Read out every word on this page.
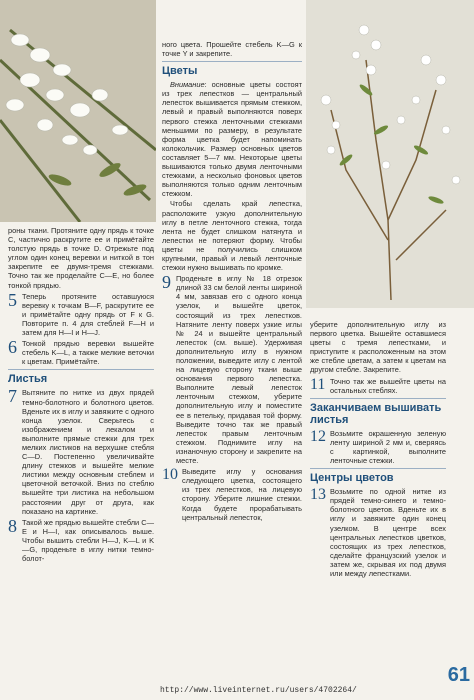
роны ткани. Протяните одну прядь к точке С, частично раскрутите ее и примётайте толстую прядь в точке D. Отрежьте под углом один конец веревки и ниткой в тон закрепите ее двумя-тремя стежками. Точно так же проделайте С—Е, но более тонкой прядью.

5 Теперь протяните оставшуюся веревку к точкам В—F, раскрутите ее и примётайте одну прядь от F к G. Повторите п. 4 для стеблей F—H и затем для H—I и H—J.

6 Тонкой прядью веревки вышейте стебель K—L, а также мелкие веточки к цветам. Примётайте.

Листья

7 Вытяните по нитке из двух прядей темно-болотного и болотного цветов. Вденьте их в иглу и завяжите с одного конца узелок. Сверьтесь с изображением и лекалом и выполните прямые стежки для трех мелких листиков на верхушке стебля C—D. Постепенно увеличивайте длину стежков и вышейте мелкие листики между основным стеблем и цветочной веточкой. Вниз по стеблю вышейте три листика на небольшом расстоянии друг от друга, как показано на картинке.

8 Такой же прядью вышейте стебли С—Е и Н—I, как описывалось выше. Чтобы вышить стебли H—J, K—L и K—G, проденьте в иглу нитки темно-болот-

ного цвета. Прошейте стебель K—G к точке Y и закрепите.

Цветы

Внимание: основные цветы состоят из трех лепестков — центральный лепесток вышивается прямым стежком, левый и правый выполняются поверх первого стежка ленточными стежками меньшими по размеру, в результате форма цветка будет напоминать колокольчик. Размер основных цветов составляет 5—7 мм. Некоторые цветы вышиваются только двумя ленточными стежками, а несколько фоновых цветов выполняются только одним ленточным стежком.

Чтобы сделать край лепестка, расположите узкую дополнительную иглу в петле ленточного стежка, тогда лента не будет слишком натянута и лепестки не потеряют форму. Чтобы цветы не получились слишком крупными, правый и левый ленточные стежки нужно вышивать по кромке.

9 Проденьте в иглу № 18 отрезок длиной 33 см белой ленты шириной 4 мм, завязав его с одного конца узелок, и вышейте цветок, состоящий из трех лепестков. Натяните ленту поверх узкие иглы № 24 и вышейте центральный лепесток (см. выше). Удерживая дополнительную иглу в нужном положении, выведите иглу с лентой на лицевую сторону ткани выше основания первого лепестка. Выполните левый лепесток ленточным стежком, уберите дополнительную иглу и поместите ее в петельку, придавая той форму. Выведите точно так же правый лепесток правым ленточным стежком. Поднимите иглу на изнаночную сторону и закрепите на месте.

10 Выведите иглу у основания следующего цветка, состоящего из трех лепестков, на лицевую сторону. Уберите лишние стежки. Когда будете прорабатывать центральный лепесток,

уберите дополнительную иглу из первого цветка. Вышейте оставшиеся цветы с тремя лепестками, и приступите к расположенным на этом же стебле цветам, а затем к цветам на другом стебле. Закрепите.

11 Точно так же вышейте цветы на остальных стеблях.

Заканчиваем вышивать листья

12 Возьмите окрашенную зеленую ленту шириной 2 мм и, сверяясь с картинкой, выполните ленточные стежки.

Центры цветов

13 Возьмите по одной нитке из прядей темно-синего и темно-болотного цветов. Вденьте их в иглу и завяжите один конец узелком. В центре всех центральных лепестков цветков, состоящих из трех лепестков, сделайте французский узелок и затем же, скрывая их под двумя или между лепестками.

61
http://www.liveinternet.ru/users/4702264/
